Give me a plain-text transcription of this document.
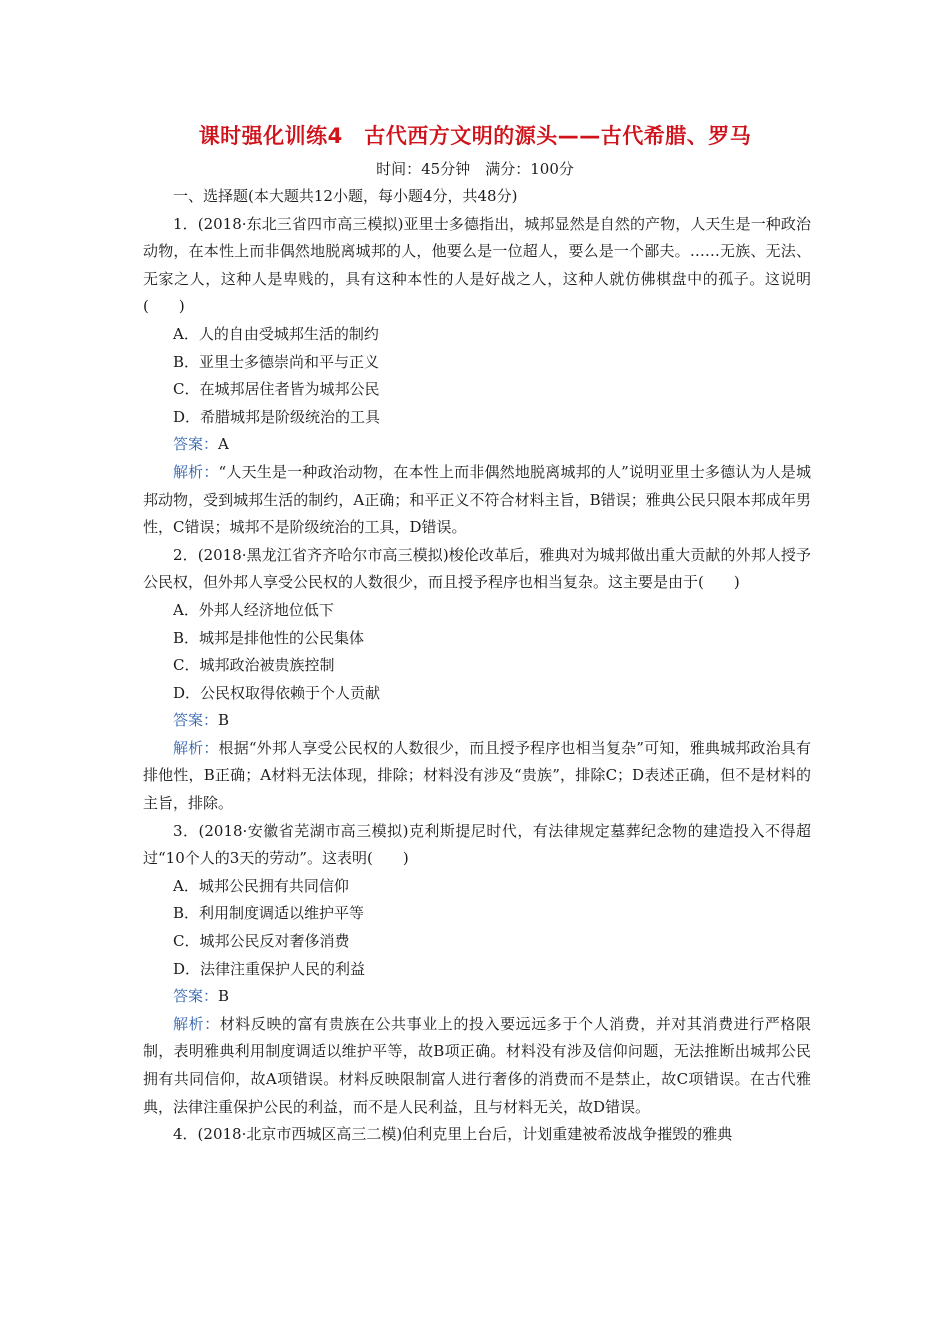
课时强化训练4　古代西方文明的源头——古代希腊、罗马
时间：45分钟　满分：100分

一、选择题(本大题共12小题，每小题4分，共48分)

1．(2018·东北三省四市高三模拟)亚里士多德指出，城邦显然是自然的产物，人天生是一种政治动物，在本性上而非偶然地脱离城邦的人，他要么是一位超人，要么是一个鄙夫。……无族、无法、无家之人，这种人是卑贱的，具有这种本性的人是好战之人，这种人就仿佛棋盘中的孤子。这说明(　　)

A．人的自由受城邦生活的制约

B．亚里士多德崇尚和平与正义

C．在城邦居住者皆为城邦公民

D．希腊城邦是阶级统治的工具

答案：A

解析：“人天生是一种政治动物，在本性上而非偶然地脱离城邦的人”说明亚里士多德认为人是城邦动物，受到城邦生活的制约，A正确；和平正义不符合材料主旨，B错误；雅典公民只限本邦成年男性，C错误；城邦不是阶级统治的工具，D错误。

2．(2018·黑龙江省齐齐哈尔市高三模拟)梭伦改革后，雅典对为城邦做出重大贡献的外邦人授予公民权，但外邦人享受公民权的人数很少，而且授予程序也相当复杂。这主要是由于(　　)

A．外邦人经济地位低下

B．城邦是排他性的公民集体

C．城邦政治被贵族控制

D．公民权取得依赖于个人贡献

答案：B

解析：根据“外邦人享受公民权的人数很少，而且授予程序也相当复杂”可知，雅典城邦政治具有排他性，B正确；A材料无法体现，排除；材料没有涉及“贵族”，排除C；D表述正确，但不是材料的主旨，排除。

3．(2018·安徽省芜湖市高三模拟)克利斯提尼时代，有法律规定墓葬纪念物的建造投入不得超过“10个人的3天的劳动”。这表明(　　)

A．城邦公民拥有共同信仰

B．利用制度调适以维护平等

C．城邦公民反对奢侈消费

D．法律注重保护人民的利益

答案：B

解析：材料反映的富有贵族在公共事业上的投入要远远多于个人消费，并对其消费进行严格限制，表明雅典利用制度调适以维护平等，故B项正确。材料没有涉及信仰问题，无法推断出城邦公民拥有共同信仰，故A项错误。材料反映限制富人进行奢侈的消费而不是禁止，故C项错误。在古代雅典，法律注重保护公民的利益，而不是人民利益，且与材料无关，故D错误。

4．(2018·北京市西城区高三二模)伯利克里上台后，计划重建被希波战争摧毁的雅典
